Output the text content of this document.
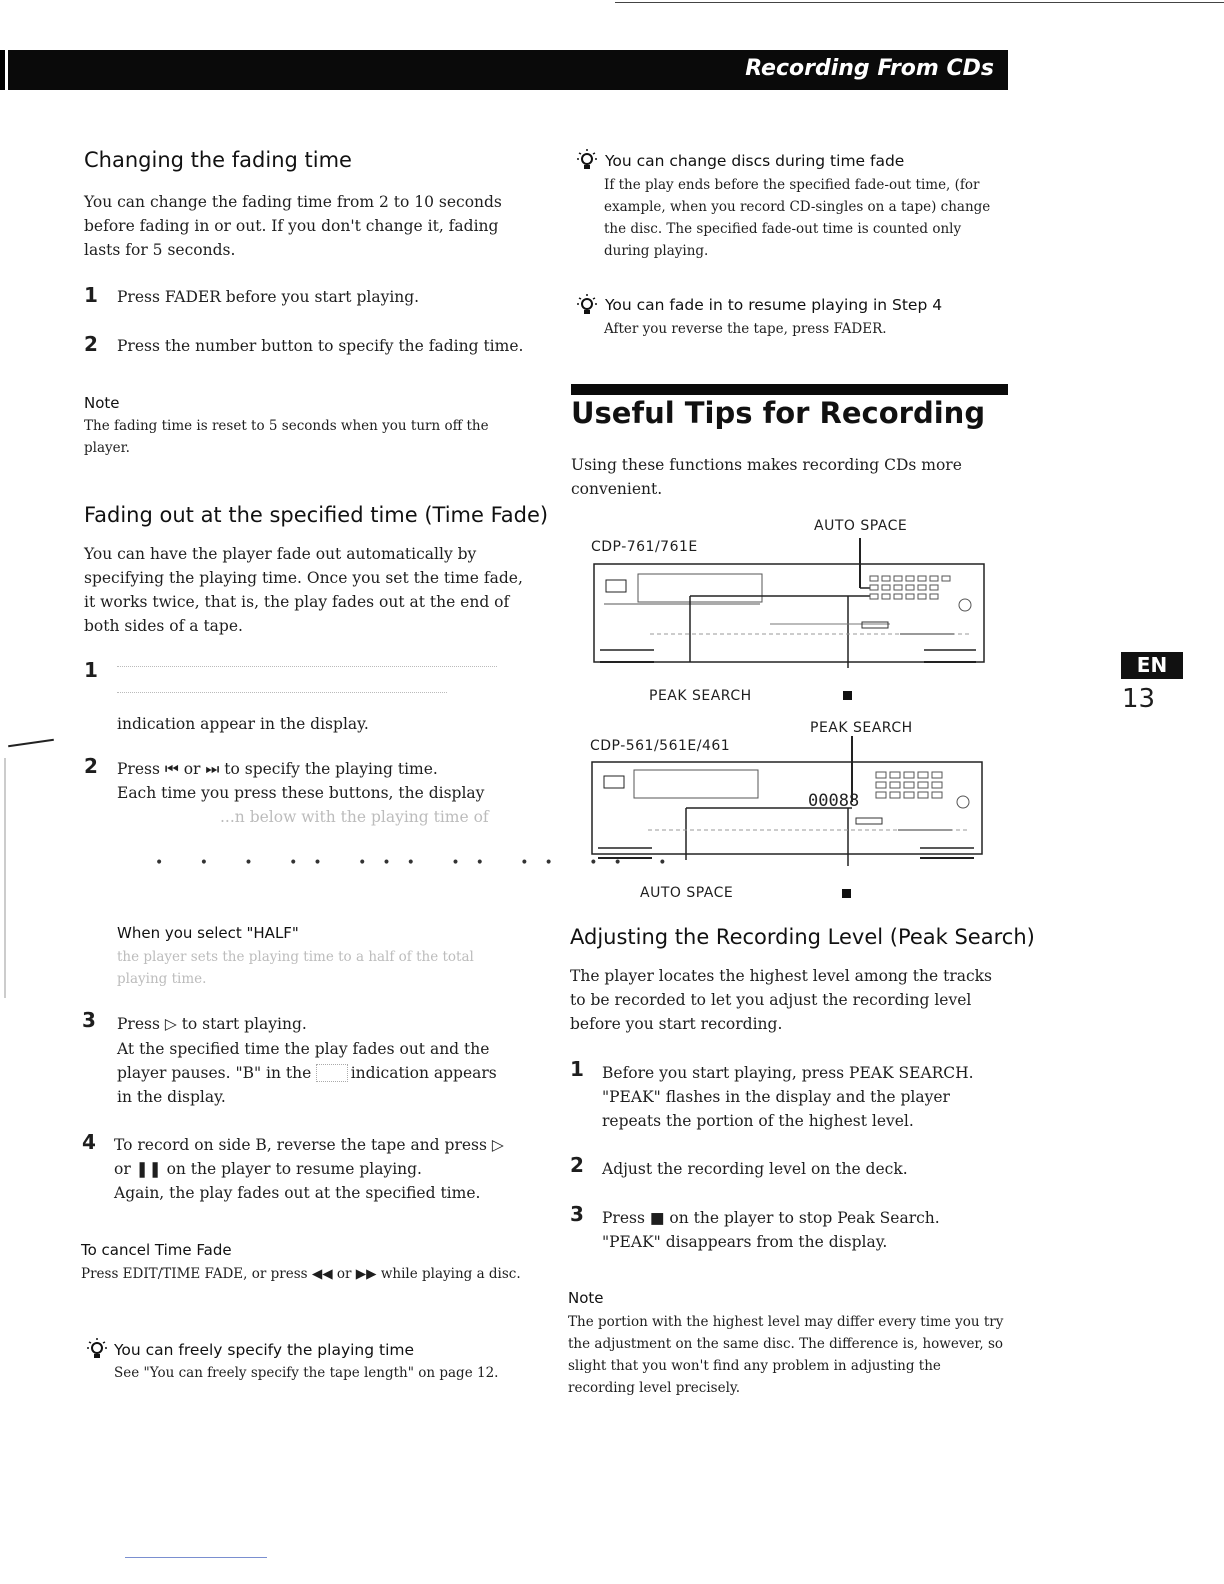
Recording From CDs
EN
13
Changing the fading time
You can change the fading time from 2 to 10 seconds before fading in or out. If you don't change it, fading lasts for 5 seconds.
1 Press FADER before you start playing.
2 Press the number button to specify the fading time.
Note
The fading time is reset to 5 seconds when you turn off the player.
Fading out at the specified time (Time Fade)
You can have the player fade out automatically by specifying the playing time. Once you set the time fade, it works twice, that is, the play fades out at the end of both sides of a tape.
1
indication appear in the display.
2 Press ⏮ or ⏭ to specify the playing time.
Each time you press these buttons, the display
...n below with the playing time of
• • • •• ••• •• •• •• •
When you select "HALF"
the player sets the playing time to a half of the total playing time.
3 Press ▷ to start playing.
At the specified time the play fades out and the
player pauses. "B" in the        indication appears
in the display.
4 To record on side B, reverse the tape and press ▷
or ❚❚ on the player to resume playing.
Again, the play fades out at the specified time.
To cancel Time Fade
Press EDIT/TIME FADE, or press ◀◀ or ▶▶ while playing a disc.
You can freely specify the playing time
See "You can freely specify the tape length" on page 12.
You can change discs during time fade
If the play ends before the specified fade-out time, (for example, when you record CD-singles on a tape) change the disc. The specified fade-out time is counted only during playing.
You can fade in to resume playing in Step 4
After you reverse the tape, press FADER.
Useful Tips for Recording
Using these functions makes recording CDs more convenient.
AUTO SPACE
CDP-761/761E
PEAK SEARCH
PEAK SEARCH
CDP-561/561E/461
00088
AUTO SPACE
Adjusting the Recording Level (Peak Search)
The player locates the highest level among the tracks to be recorded to let you adjust the recording level before you start recording.
1 Before you start playing, press PEAK SEARCH. "PEAK" flashes in the display and the player repeats the portion of the highest level.
2 Adjust the recording level on the deck.
3 Press ■ on the player to stop Peak Search. "PEAK" disappears from the display.
Note
The portion with the highest level may differ every time you try the adjustment on the same disc. The difference is, however, so slight that you won't find any problem in adjusting the recording level precisely.
